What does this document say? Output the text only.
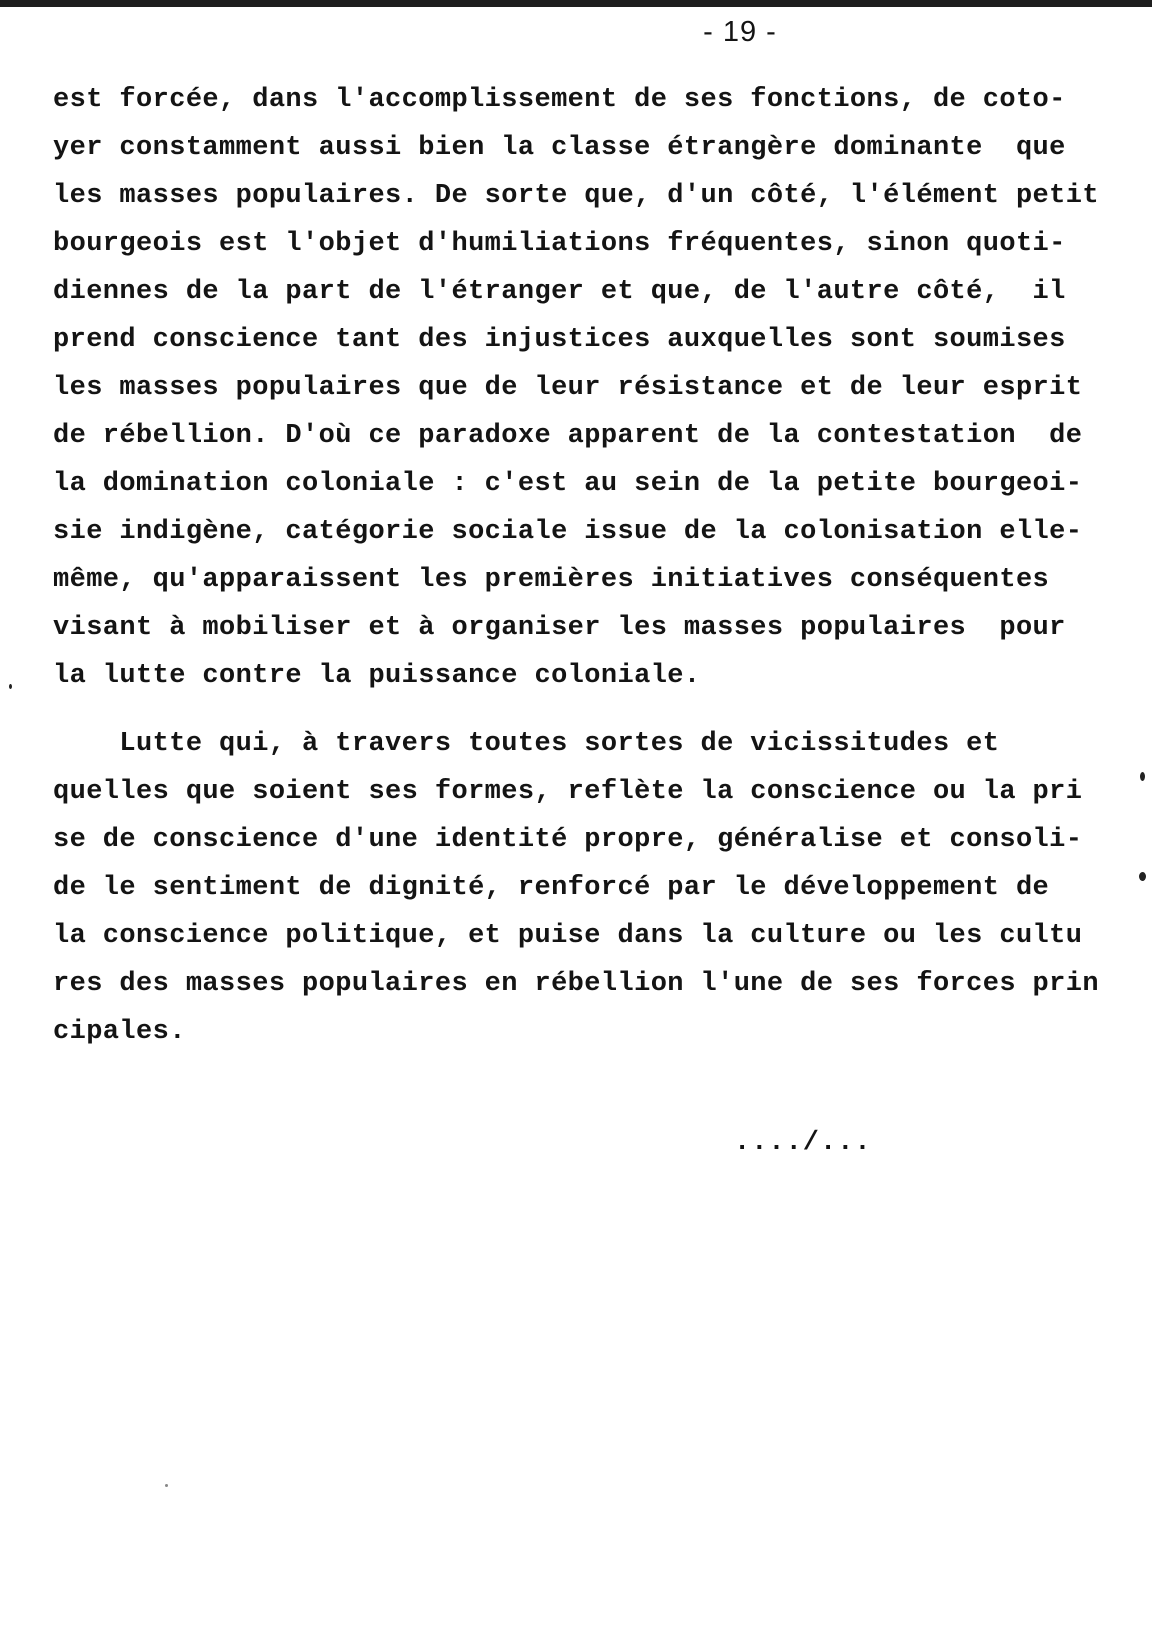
- 19 -
est forcée, dans l'accomplissement de ses fonctions, de coto-
yer constamment aussi bien la classe étrangère dominante  que
les masses populaires. De sorte que, d'un côté, l'élément petit
bourgeois est l'objet d'humiliations fréquentes, sinon quoti-
diennes de la part de l'étranger et que, de l'autre côté,  il
prend conscience tant des injustices auxquelles sont soumises
les masses populaires que de leur résistance et de leur esprit
de rébellion. D'où ce paradoxe apparent de la contestation  de
la domination coloniale : c'est au sein de la petite bourgeoi-
sie indigène, catégorie sociale issue de la colonisation elle-
même, qu'apparaissent les premières initiatives conséquentes
visant à mobiliser et à organiser les masses populaires  pour
la lutte contre la puissance coloniale.
Lutte qui, à travers toutes sortes de vicissitudes et
quelles que soient ses formes, reflète la conscience ou la pri
se de conscience d'une identité propre, généralise et consoli-
de le sentiment de dignité, renforcé par le développement de
la conscience politique, et puise dans la culture ou les cultu
res des masses populaires en rébellion l'une de ses forces prin
cipales.
..../...
